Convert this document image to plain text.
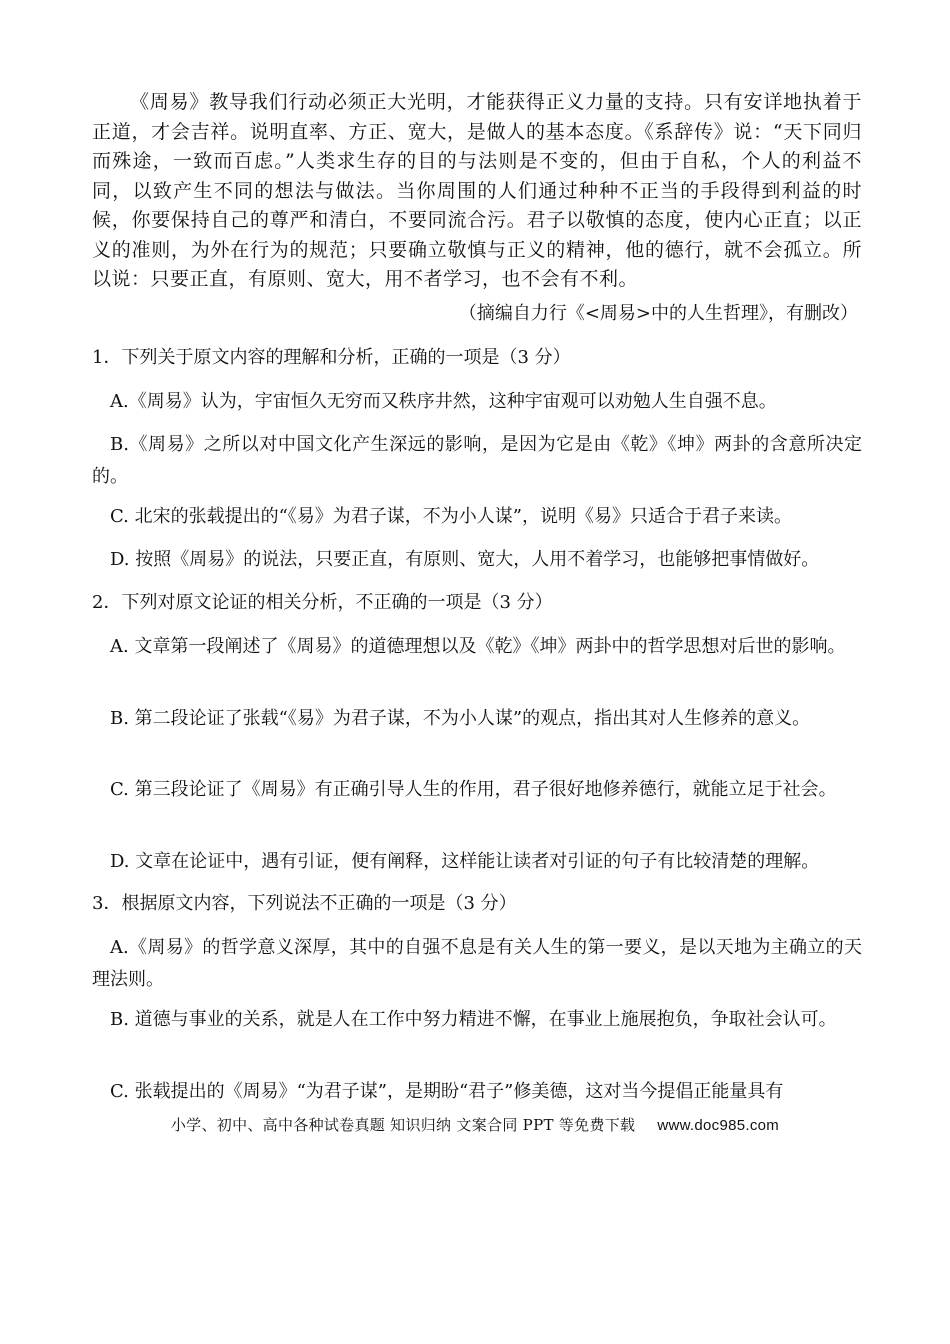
《周易》教导我们行动必须正大光明，才能获得正义力量的支持。只有安详地执着于正道，才会吉祥。说明直率、方正、宽大，是做人的基本态度。《系辞传》说：“天下同归而殊途，一致而百虑。”人类求生存的目的与法则是不变的，但由于自私，个人的利益不同，以致产生不同的想法与做法。当你周围的人们通过种种不正当的手段得到利益的时候，你要保持自己的尊严和清白，不要同流合污。君子以敬慎的态度，使内心正直；以正义的准则，为外在行为的规范；只要确立敬慎与正义的精神，他的德行，就不会孤立。所以说：只要正直，有原则、宽大，用不者学习，也不会有不利。

（摘编自力行《<周易>中的人生哲理》，有删改）

1．下列关于原文内容的理解和分析，正确的一项是（3 分）

A.《周易》认为，宇宙恒久无穷而又秩序井然，这种宇宙观可以劝勉人生自强不息。

B.《周易》之所以对中国文化产生深远的影响，是因为它是由《乾》《坤》两卦的含意所决定的。

C. 北宋的张载提出的“《易》为君子谋，不为小人谋”，说明《易》只适合于君子来读。

D. 按照《周易》的说法，只要正直，有原则、宽大，人用不着学习，也能够把事情做好。

2．下列对原文论证的相关分析，不正确的一项是（3 分）

A. 文章第一段阐述了《周易》的道德理想以及《乾》《坤》两卦中的哲学思想对后世的影响。

B. 第二段论证了张载“《易》为君子谋，不为小人谋”的观点，指出其对人生修养的意义。

C. 第三段论证了《周易》有正确引导人生的作用，君子很好地修养德行，就能立足于社会。

D. 文章在论证中，遇有引证，便有阐释，这样能让读者对引证的句子有比较清楚的理解。

3．根据原文内容，下列说法不正确的一项是（3 分）

A.《周易》的哲学意义深厚，其中的自强不息是有关人生的第一要义，是以天地为主确立的天理法则。

B. 道德与事业的关系，就是人在工作中努力精进不懈，在事业上施展抱负，争取社会认可。

C. 张载提出的《周易》“为君子谋”，是期盼“君子”修美德，这对当今提倡正能量具有

小学、初中、高中各种试卷真题 知识归纳 文案合同 PPT 等免费下载 www.doc985.com
